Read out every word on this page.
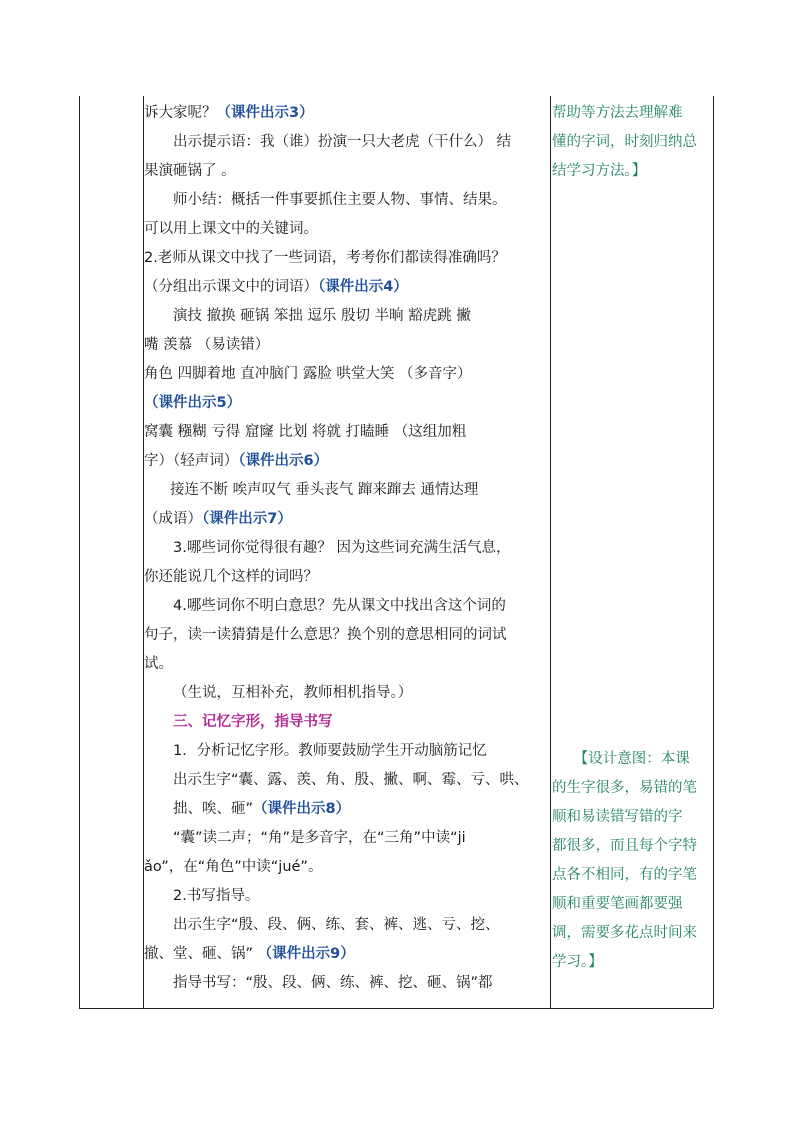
诉大家呢？（课件出示3）

出示提示语：我（谁）扮演一只大老虎（干什么） 结

果演砸锅了 。

师小结：概括一件事要抓住主要人物、事情、结果。

可以用上课文中的关键词。

2.老师从课文中找了一些词语，考考你们都读得准确吗？

（分组出示课文中的词语）（课件出示4）

演技 撤换 砸锅 笨拙 逗乐 殷切 半晌 豁虎跳 撇

嘴 羡慕 （易读错）

角色 四脚着地 直冲脑门 露脸 哄堂大笑 （多音字）

（课件出示5）

窝囊 糨糊 亏得 窟窿 比划 将就 打瞌睡 （这组加粗

字）（轻声词）（课件出示6）

接连不断 唉声叹气 垂头丧气 蹿来蹿去 通情达理

（成语）（课件出示7）

3.哪些词你觉得很有趣？ 因为这些词充满生活气息，

你还能说几个这样的词吗？

4.哪些词你不明白意思？先从课文中找出含这个词的

句子，读一读猜猜是什么意思？换个别的意思相同的词试

试。

（生说，互相补充，教师相机指导。）

三、记忆字形，指导书写

1．分析记忆字形。教师要鼓励学生开动脑筋记忆

出示生字“囊、露、羡、角、殷、撇、啊、霉、亏、哄、

拙、唉、砸”（课件出示8）

“囊”读二声；“角”是多音字，在“三角”中读“ji

ǎo”，在“角色”中读“jué”。

2.书写指导。

出示生字“殷、段、俩、练、套、裤、逃、亏、挖、

撤、堂、砸、锅” （课件出示9）

指导书写：“殷、段、俩、练、裤、挖、砸、锅”都

帮助等方法去理解难

懂的字词，时刻归纳总

结学习方法。】

　　【设计意图：本课

的生字很多，易错的笔

顺和易读错写错的字

都很多，而且每个字特

点各不相同，有的字笔

顺和重要笔画都要强

调，需要多花点时间来

学习。】
